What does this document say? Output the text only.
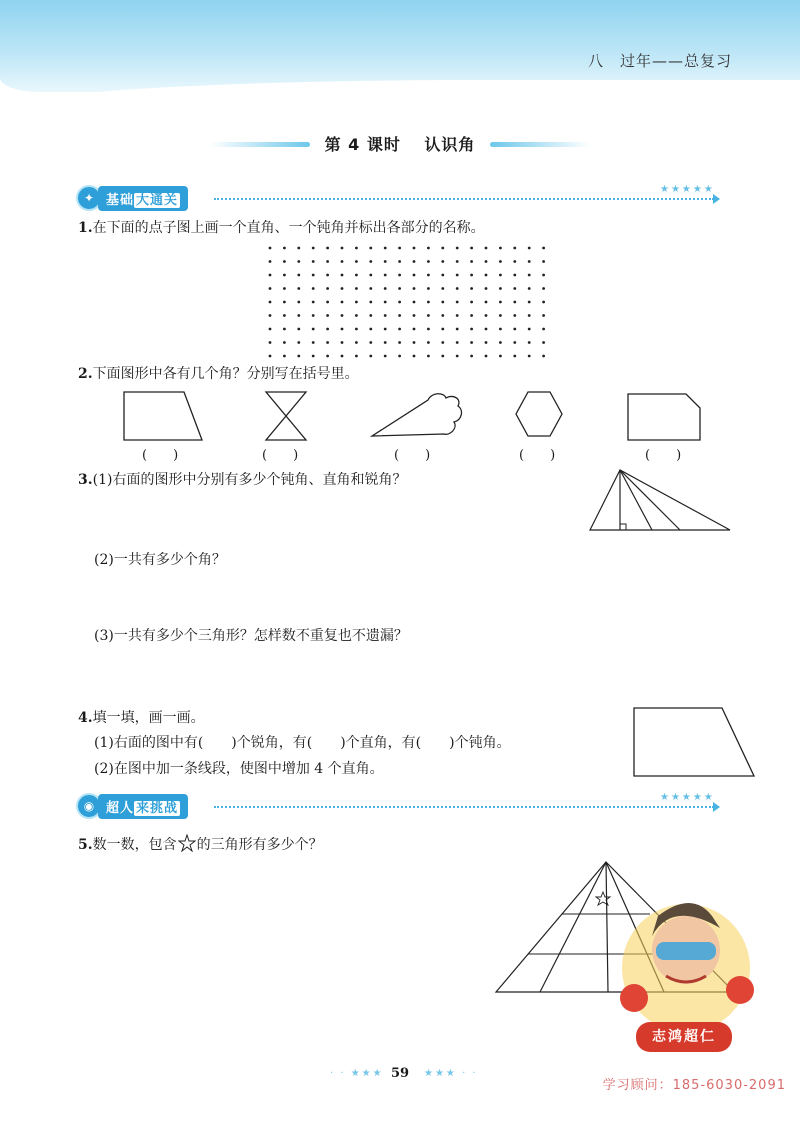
八　过年——总复习
第 4 课时　 认识角
✦ 基础 大通关
★★★★★
1.在下面的点子图上画一个直角、一个钝角并标出各部分的名称。
2.下面图形中各有几个角？分别写在括号里。
(　　)	(　　)	(　　)	(　　)	(　　)
3.(1)右面的图形中分别有多少个钝角、直角和锐角？
(2)一共有多少个角？
(3)一共有多少个三角形？怎样数不重复也不遗漏？
4.填一填，画一画。
(1)右面的图中有(　　)个锐角，有(　　)个直角，有(　　)个钝角。
(2)在图中加一条线段，使图中增加 4 个直角。
◉ 超人 来挑战
★★★★★
5.数一数，包含 的三角形有多少个？
志鸿超仁
· · ★★★ 59	★★★ · ·
学习顾问：185-6030-2091
